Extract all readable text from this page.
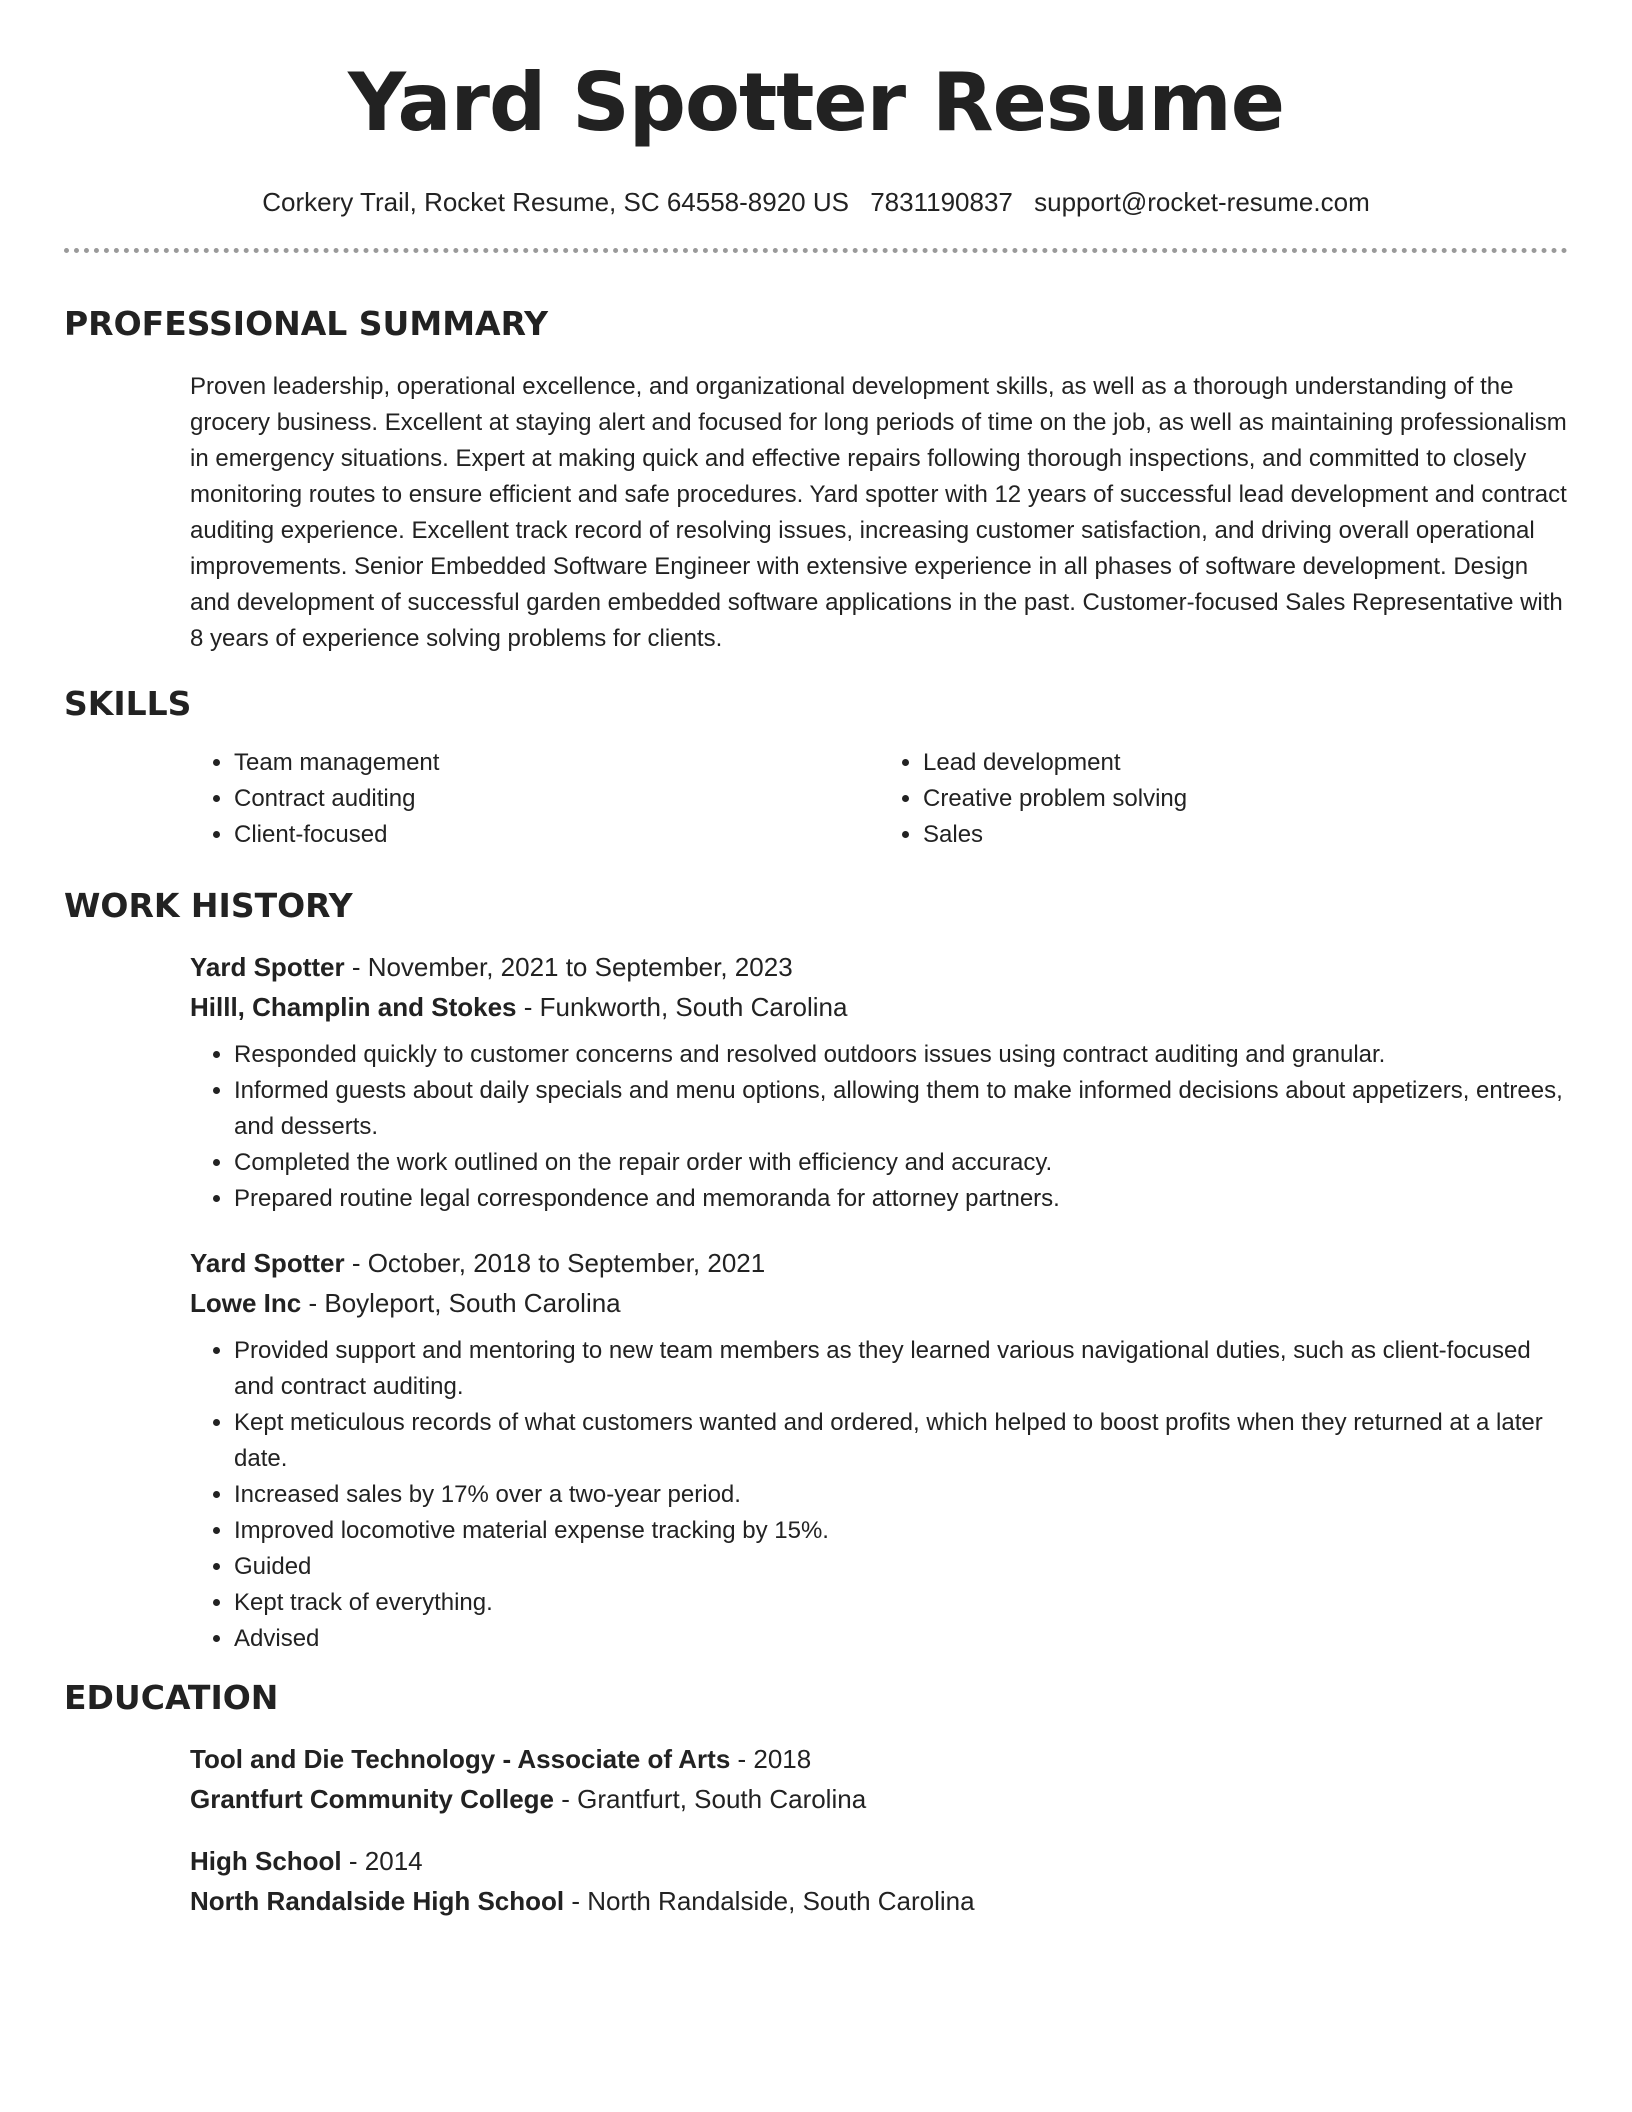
Yard Spotter Resume
Corkery Trail, Rocket Resume, SC 64558-8920 US 7831190837 support@rocket-resume.com
PROFESSIONAL SUMMARY
Proven leadership, operational excellence, and organizational development skills, as well as a thorough understanding of the grocery business. Excellent at staying alert and focused for long periods of time on the job, as well as maintaining professionalism in emergency situations. Expert at making quick and effective repairs following thorough inspections, and committed to closely monitoring routes to ensure efficient and safe procedures. Yard spotter with 12 years of successful lead development and contract auditing experience. Excellent track record of resolving issues, increasing customer satisfaction, and driving overall operational improvements. Senior Embedded Software Engineer with extensive experience in all phases of software development. Design and development of successful garden embedded software applications in the past. Customer-focused Sales Representative with 8 years of experience solving problems for clients.
SKILLS
• Team management
• Contract auditing
• Client-focused
• Lead development
• Creative problem solving
• Sales
WORK HISTORY
Yard Spotter - November, 2021 to September, 2023
Hilll, Champlin and Stokes - Funkworth, South Carolina
• Responded quickly to customer concerns and resolved outdoors issues using contract auditing and granular.
• Informed guests about daily specials and menu options, allowing them to make informed decisions about appetizers, entrees, and desserts.
• Completed the work outlined on the repair order with efficiency and accuracy.
• Prepared routine legal correspondence and memoranda for attorney partners.
Yard Spotter - October, 2018 to September, 2021
Lowe Inc - Boyleport, South Carolina
• Provided support and mentoring to new team members as they learned various navigational duties, such as client-focused and contract auditing.
• Kept meticulous records of what customers wanted and ordered, which helped to boost profits when they returned at a later date.
• Increased sales by 17% over a two-year period.
• Improved locomotive material expense tracking by 15%.
• Guided
• Kept track of everything.
• Advised
EDUCATION
Tool and Die Technology - Associate of Arts - 2018
Grantfurt Community College - Grantfurt, South Carolina
High School - 2014
North Randalside High School - North Randalside, South Carolina
